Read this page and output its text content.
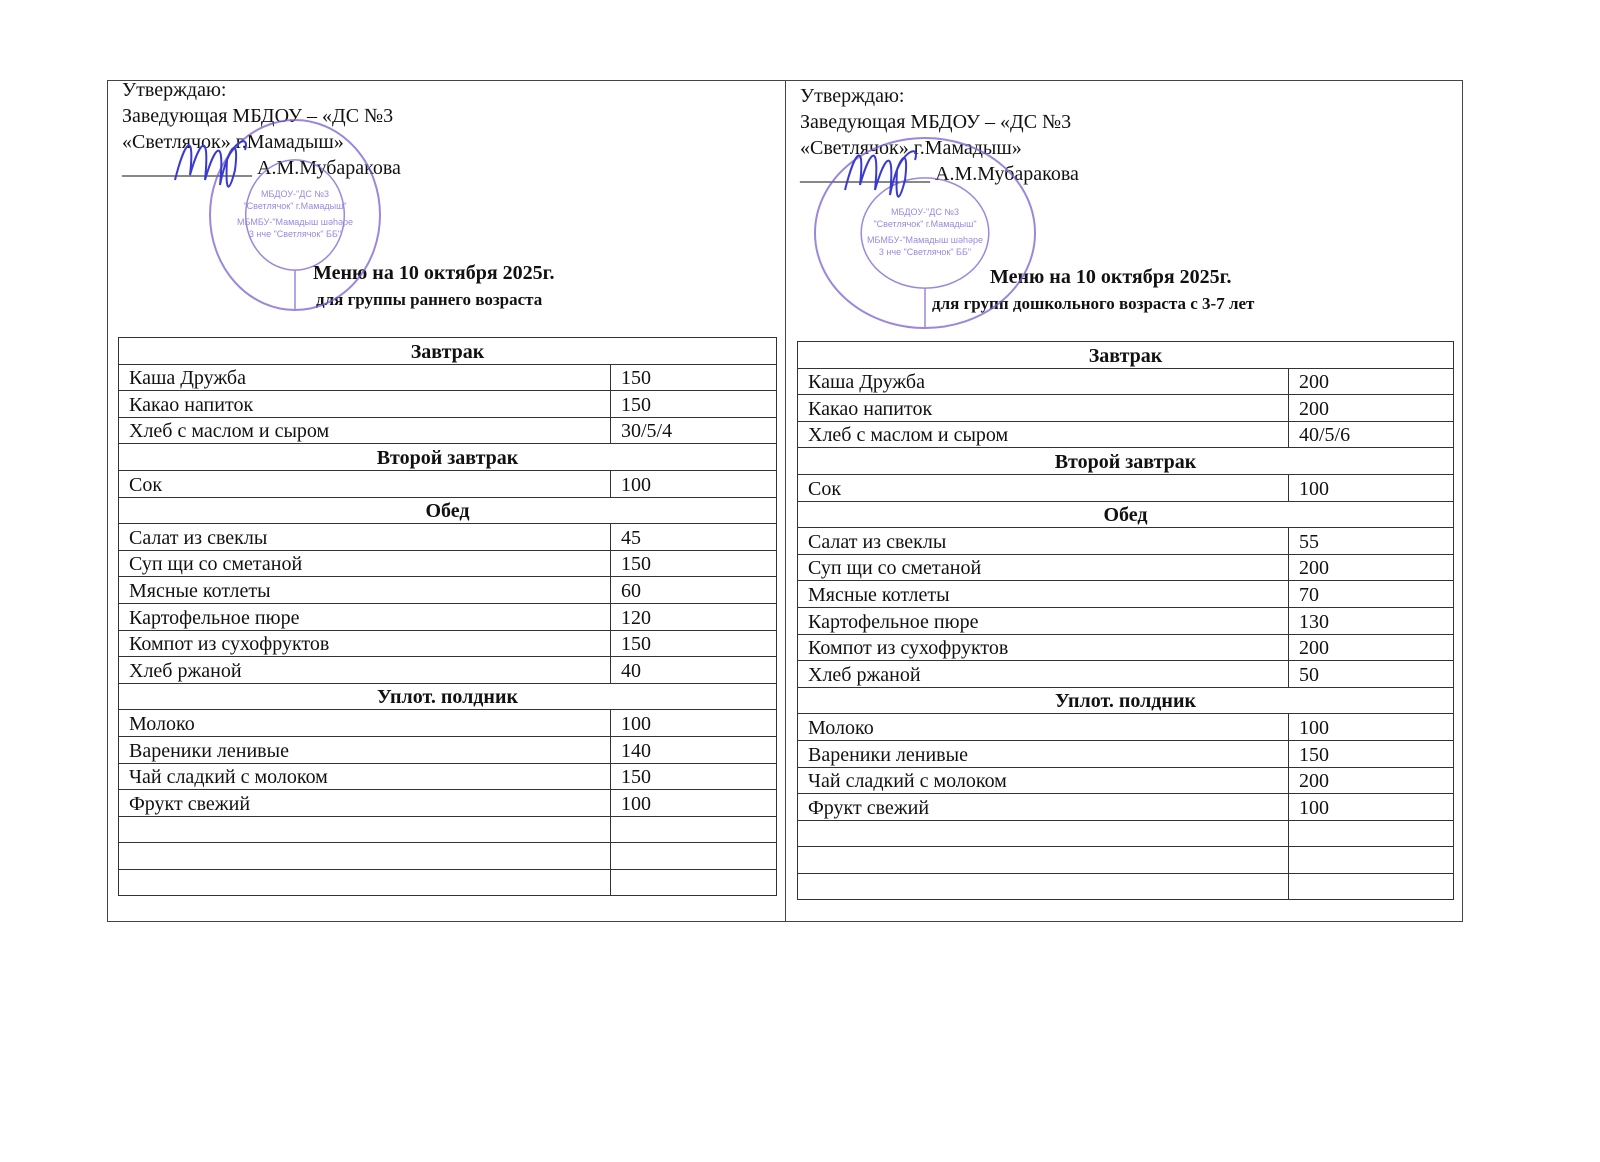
Утверждаю:
Заведующая МБДОУ – «ДС №3
«Светлячок» г.Мамадыш»
_____________ А.М.Мубаракова
Меню на 10 октября 2025г.
для группы раннего возраста
Завтрак	
Каша Дружба	150
Какао напиток	150
Хлеб с маслом и сыром	30/5/4
Второй завтрак	
Сок	100
Обед	
Салат из свеклы	45
Суп щи со сметаной	150
Мясные котлеты	60
Картофельное пюре	120
Компот из сухофруктов	150
Хлеб ржаной	40
Уплот. полдник	
Молоко	100
Вареники ленивые	140
Чай сладкий с молоком	150
Фрукт свежий	100

МБДОУ-"ДС №3
"Светлячок" г.Мамадыш"
МБМБУ-"Мамадыш шәһәре
3 нче "Светлячок" ББ"
Утверждаю:
Заведующая МБДОУ – «ДС №3
«Светлячок» г.Мамадыш»
_____________ А.М.Мубаракова
Меню на 10 октября 2025г.
для групп дошкольного возраста с 3-7 лет
Завтрак	
Каша Дружба	200
Какао напиток	200
Хлеб с маслом и сыром	40/5/6
Второй завтрак	
Сок	100
Обед	
Салат из свеклы	55
Суп щи со сметаной	200
Мясные котлеты	70
Картофельное пюре	130
Компот из сухофруктов	200
Хлеб ржаной	50
Уплот. полдник	
Молоко	100
Вареники ленивые	150
Чай сладкий с молоком	200
Фрукт свежий	100

МБДОУ-"ДС №3
"Светлячок" г.Мамадыш"
МБМБУ-"Мамадыш шәһәре
3 нче "Светлячок" ББ"
